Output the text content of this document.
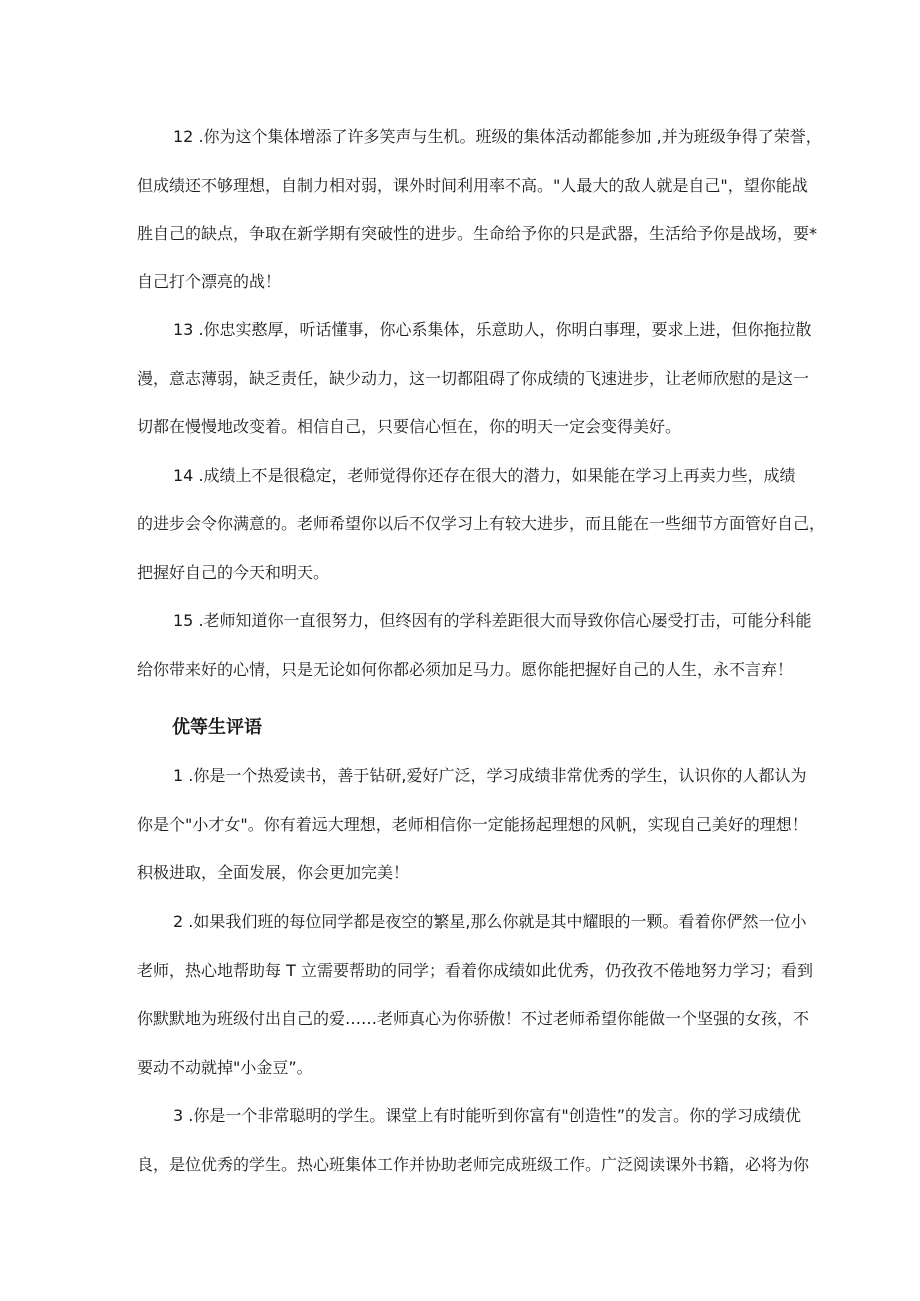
12 .你为这个集体增添了许多笑声与生机。班级的集体活动都能参加 ,并为班级争得了荣誉，

但成绩还不够理想，自制力相对弱，课外时间利用率不高。"人最大的敌人就是自己"，望你能战

胜自己的缺点，争取在新学期有突破性的进步。生命给予你的只是武器，生活给予你是战场，要*

自己打个漂亮的战！

13 .你忠实憨厚，听话懂事，你心系集体，乐意助人，你明白事理，要求上进，但你拖拉散

漫，意志薄弱，缺乏责任，缺少动力，这一切都阻碍了你成绩的飞速进步，让老师欣慰的是这一

切都在慢慢地改变着。相信自己，只要信心恒在，你的明天一定会变得美好。

14 .成绩上不是很稳定，老师觉得你还存在很大的潜力，如果能在学习上再卖力些，成绩

的进步会令你满意的。老师希望你以后不仅学习上有较大进步，而且能在一些细节方面管好自己，

把握好自己的今天和明天。

15 .老师知道你一直很努力，但终因有的学科差距很大而导致你信心屡受打击，可能分科能

给你带来好的心情，只是无论如何你都必须加足马力。愿你能把握好自己的人生，永不言弃！

优等生评语

1 .你是一个热爱读书，善于钻研,爱好广泛，学习成绩非常优秀的学生，认识你的人都认为

你是个"小才女"。你有着远大理想，老师相信你一定能扬起理想的风帆，实现自己美好的理想！

积极进取，全面发展，你会更加完美！

2 .如果我们班的每位同学都是夜空的繁星,那么你就是其中耀眼的一颗。看着你俨然一位小

老师，热心地帮助每 T 立需要帮助的同学；看着你成绩如此优秀，仍孜孜不倦地努力学习；看到

你默默地为班级付出自己的爱……老师真心为你骄傲！不过老师希望你能做一个坚强的女孩，不

要动不动就掉"小金豆”。

3 .你是一个非常聪明的学生。课堂上有时能听到你富有"创造性”的发言。你的学习成绩优

良，是位优秀的学生。热心班集体工作并协助老师完成班级工作。广泛阅读课外书籍，必将为你
